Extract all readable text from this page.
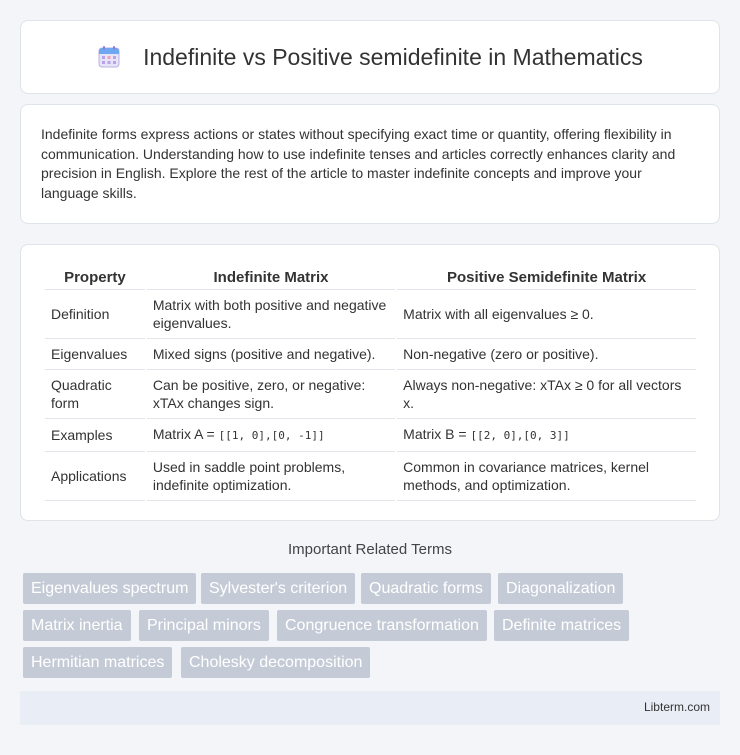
Indefinite vs Positive semidefinite in Mathematics

Indefinite forms express actions or states without specifying exact time or quantity, offering flexibility in communication. Understanding how to use indefinite tenses and articles correctly enhances clarity and precision in English. Explore the rest of the article to master indefinite concepts and improve your language skills.

Property	Indefinite Matrix	Positive Semidefinite Matrix
Definition	Matrix with both positive and negative eigenvalues.	Matrix with all eigenvalues ≥ 0.
Eigenvalues	Mixed signs (positive and negative).	Non-negative (zero or positive).
Quadratic form	Can be positive, zero, or negative: xTAx changes sign.	Always non-negative: xTAx ≥ 0 for all vectors x.
Examples	Matrix A = [[1, 0],[0, -1]]	Matrix B = [[2, 0],[0, 3]]
Applications	Used in saddle point problems, indefinite optimization.	Common in covariance matrices, kernel methods, and optimization.
Important Related Terms
Eigenvalues spectrum	Sylvester's criterion	Quadratic forms	Diagonalization
Matrix inertia	Principal minors	Congruence transformation	Definite matrices
Hermitian matrices	Cholesky decomposition
Libterm.com
